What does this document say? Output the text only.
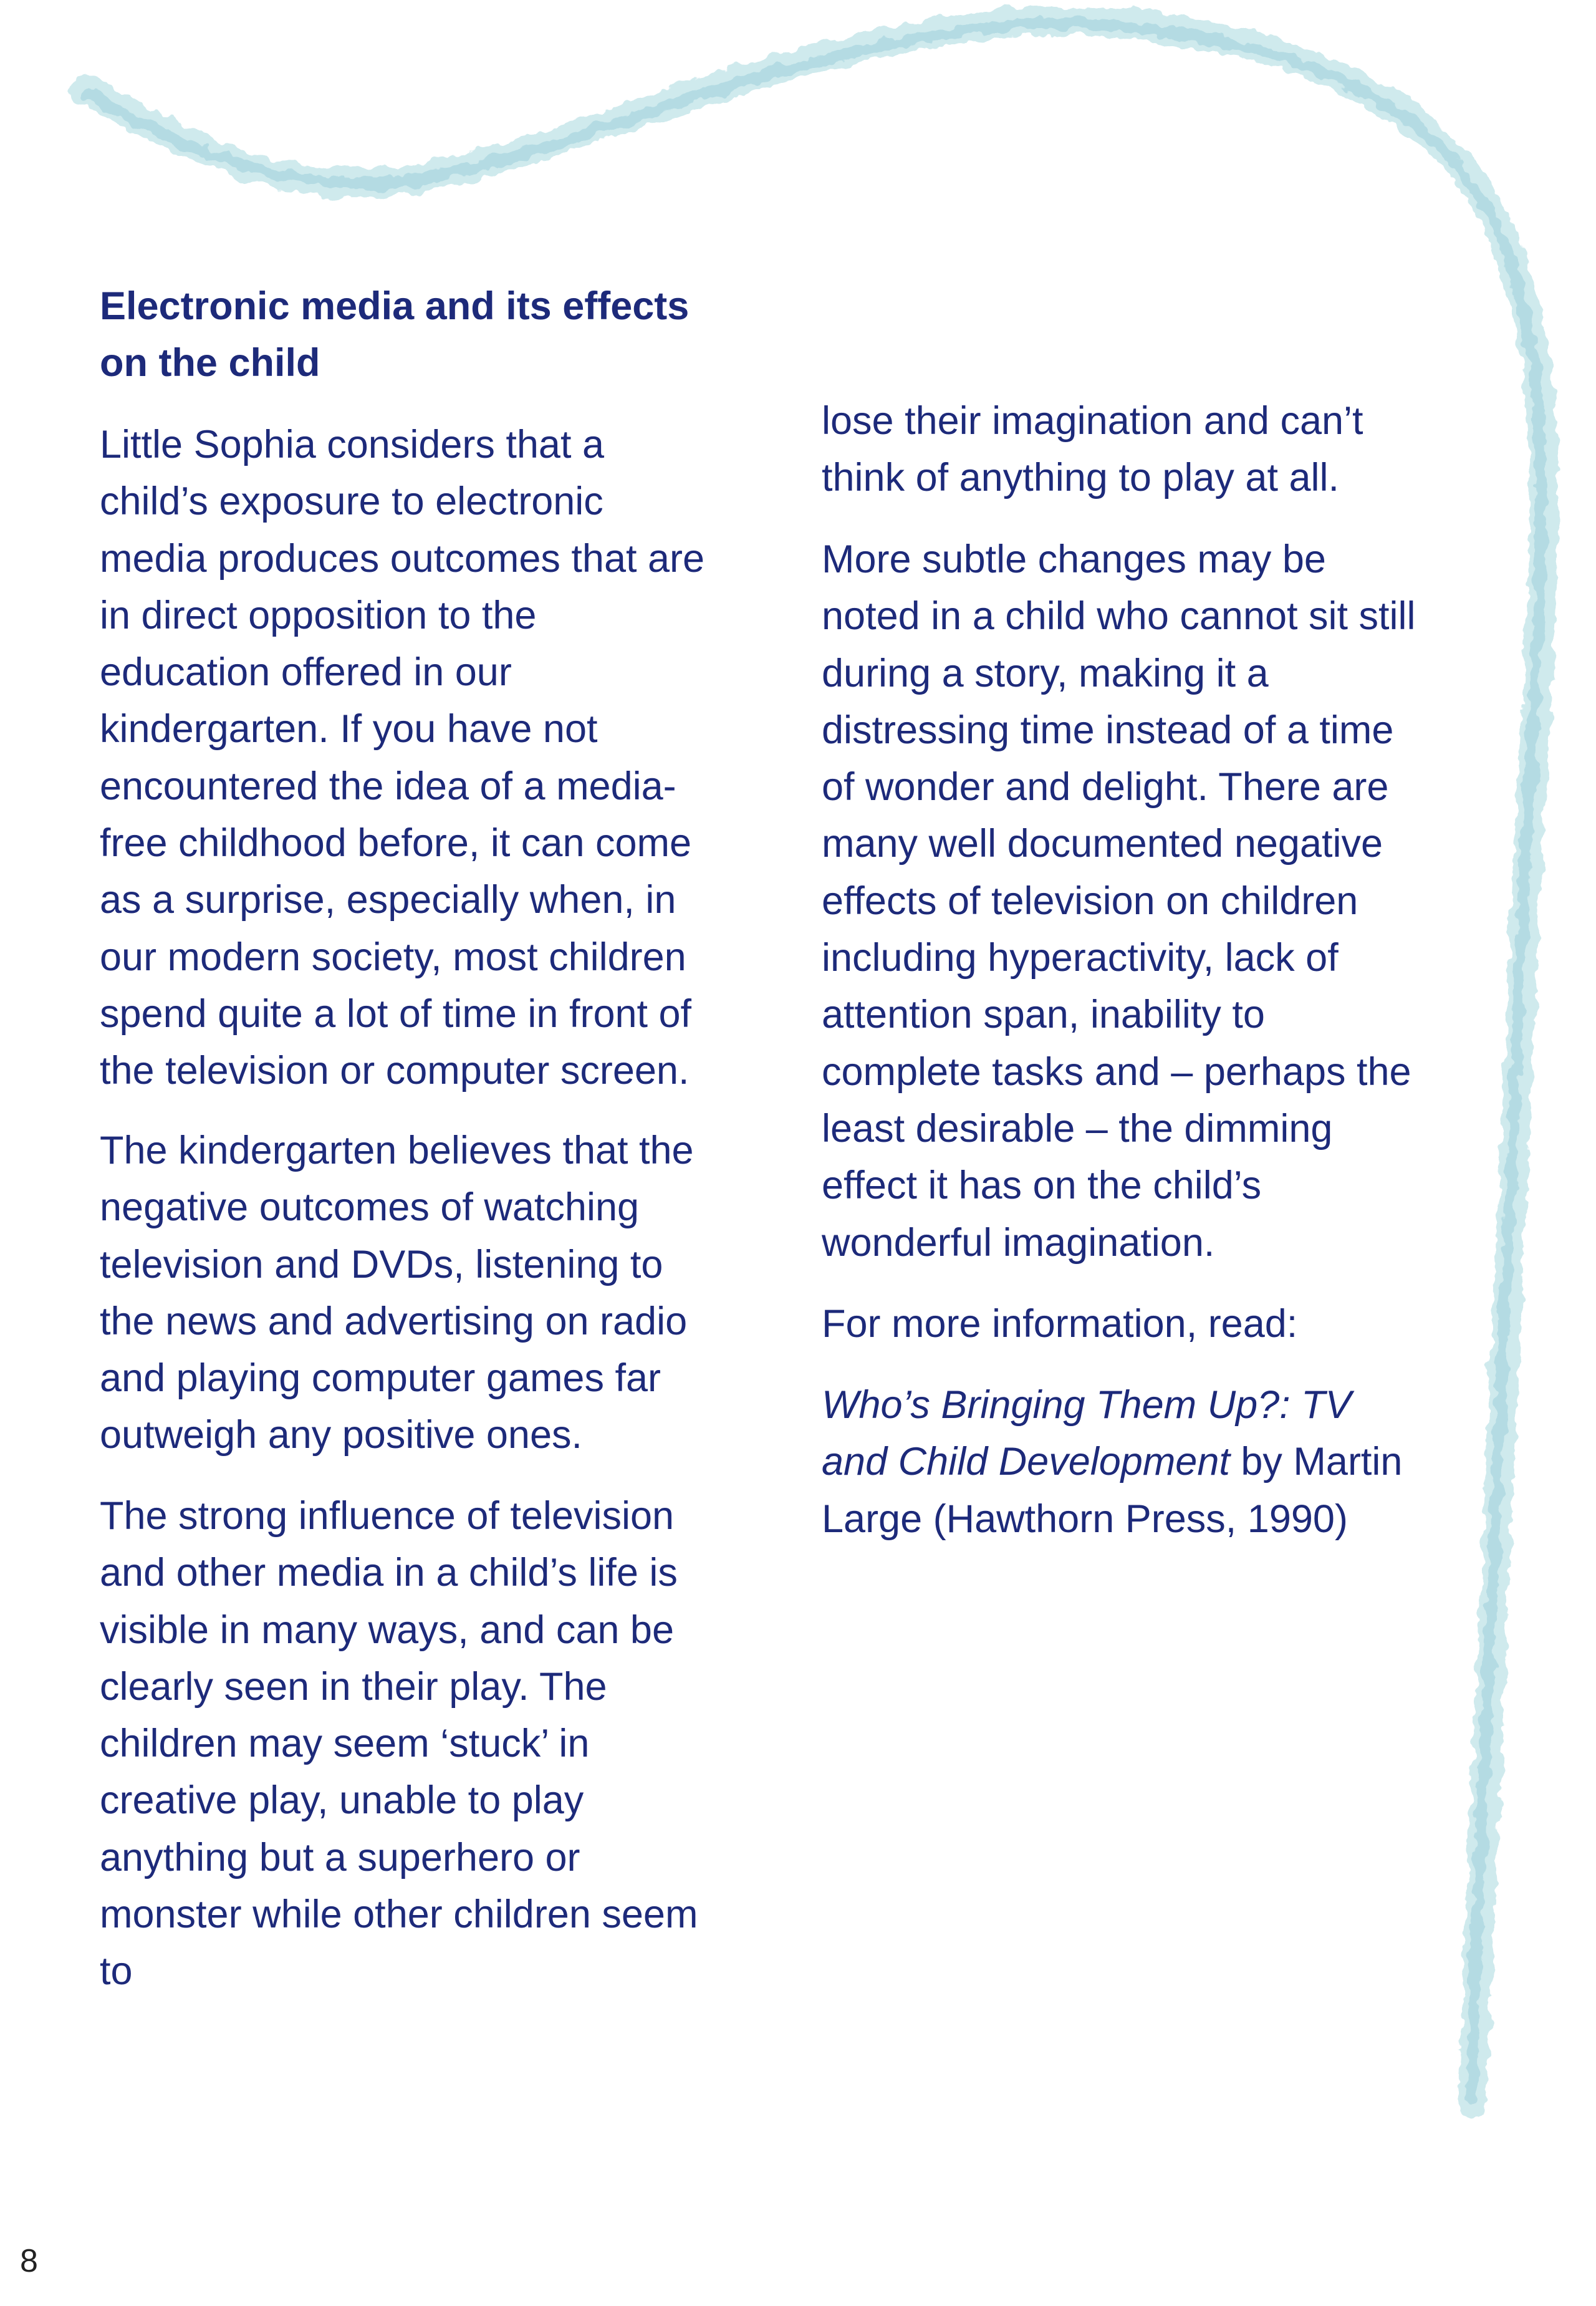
Electronic media and its effects
on the child

Little Sophia considers that a
child’s exposure to electronic
media produces outcomes that are
in direct opposition to the
education offered in our
kindergarten. If you have not
encountered the idea of a media-
free childhood before, it can come
as a surprise, especially when, in
our modern society, most children
spend quite a lot of time in front of
the television or computer screen.

The kindergarten believes that the
negative outcomes of watching
television and DVDs, listening to
the news and advertising on radio
and playing computer games far
outweigh any positive ones.

The strong influence of television
and other media in a child’s life is
visible in many ways, and can be
clearly seen in their play. The
children may seem ‘stuck’ in
creative play, unable to play
anything but a superhero or
monster while other children seem
to

lose their imagination and can’t
think of anything to play at all.

More subtle changes may be
noted in a child who cannot sit still
during a story, making it a
distressing time instead of a time
of wonder and delight. There are
many well documented negative
effects of television on children
including hyperactivity, lack of
attention span, inability to
complete tasks and – perhaps the
least desirable – the dimming
effect it has on the child’s
wonderful imagination.

For more information, read:

Who’s Bringing Them Up?: TV
and Child Development by Martin
Large (Hawthorn Press, 1990)

8
